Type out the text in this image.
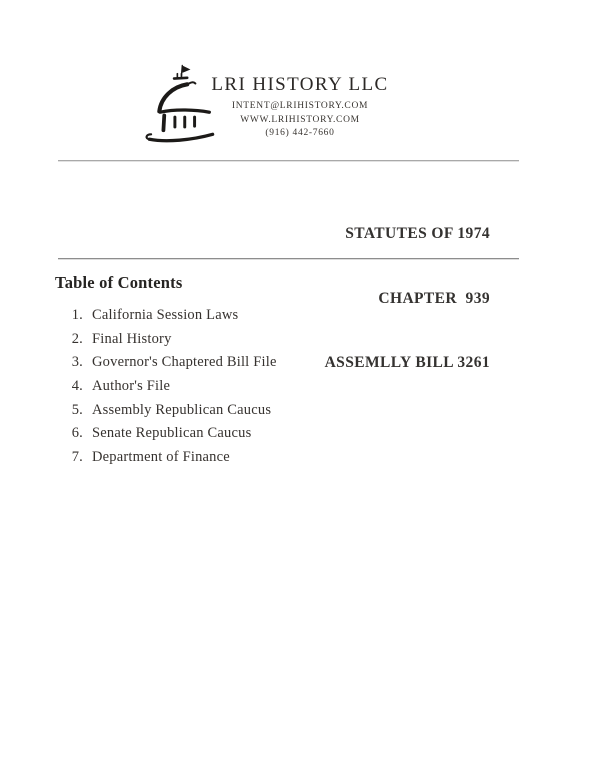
LRI HISTORY LLC
INTENT@LRIHISTORY.COM
WWW.LRIHISTORY.COM
(916) 442-7660

STATUTES OF 1974

CHAPTER  939

ASSEMLLY BILL 3261

Table of Contents
1. California Session Laws
2. Final History
3. Governor's Chaptered Bill File
4. Author's File
5. Assembly Republican Caucus
6. Senate Republican Caucus
7. Department of Finance
